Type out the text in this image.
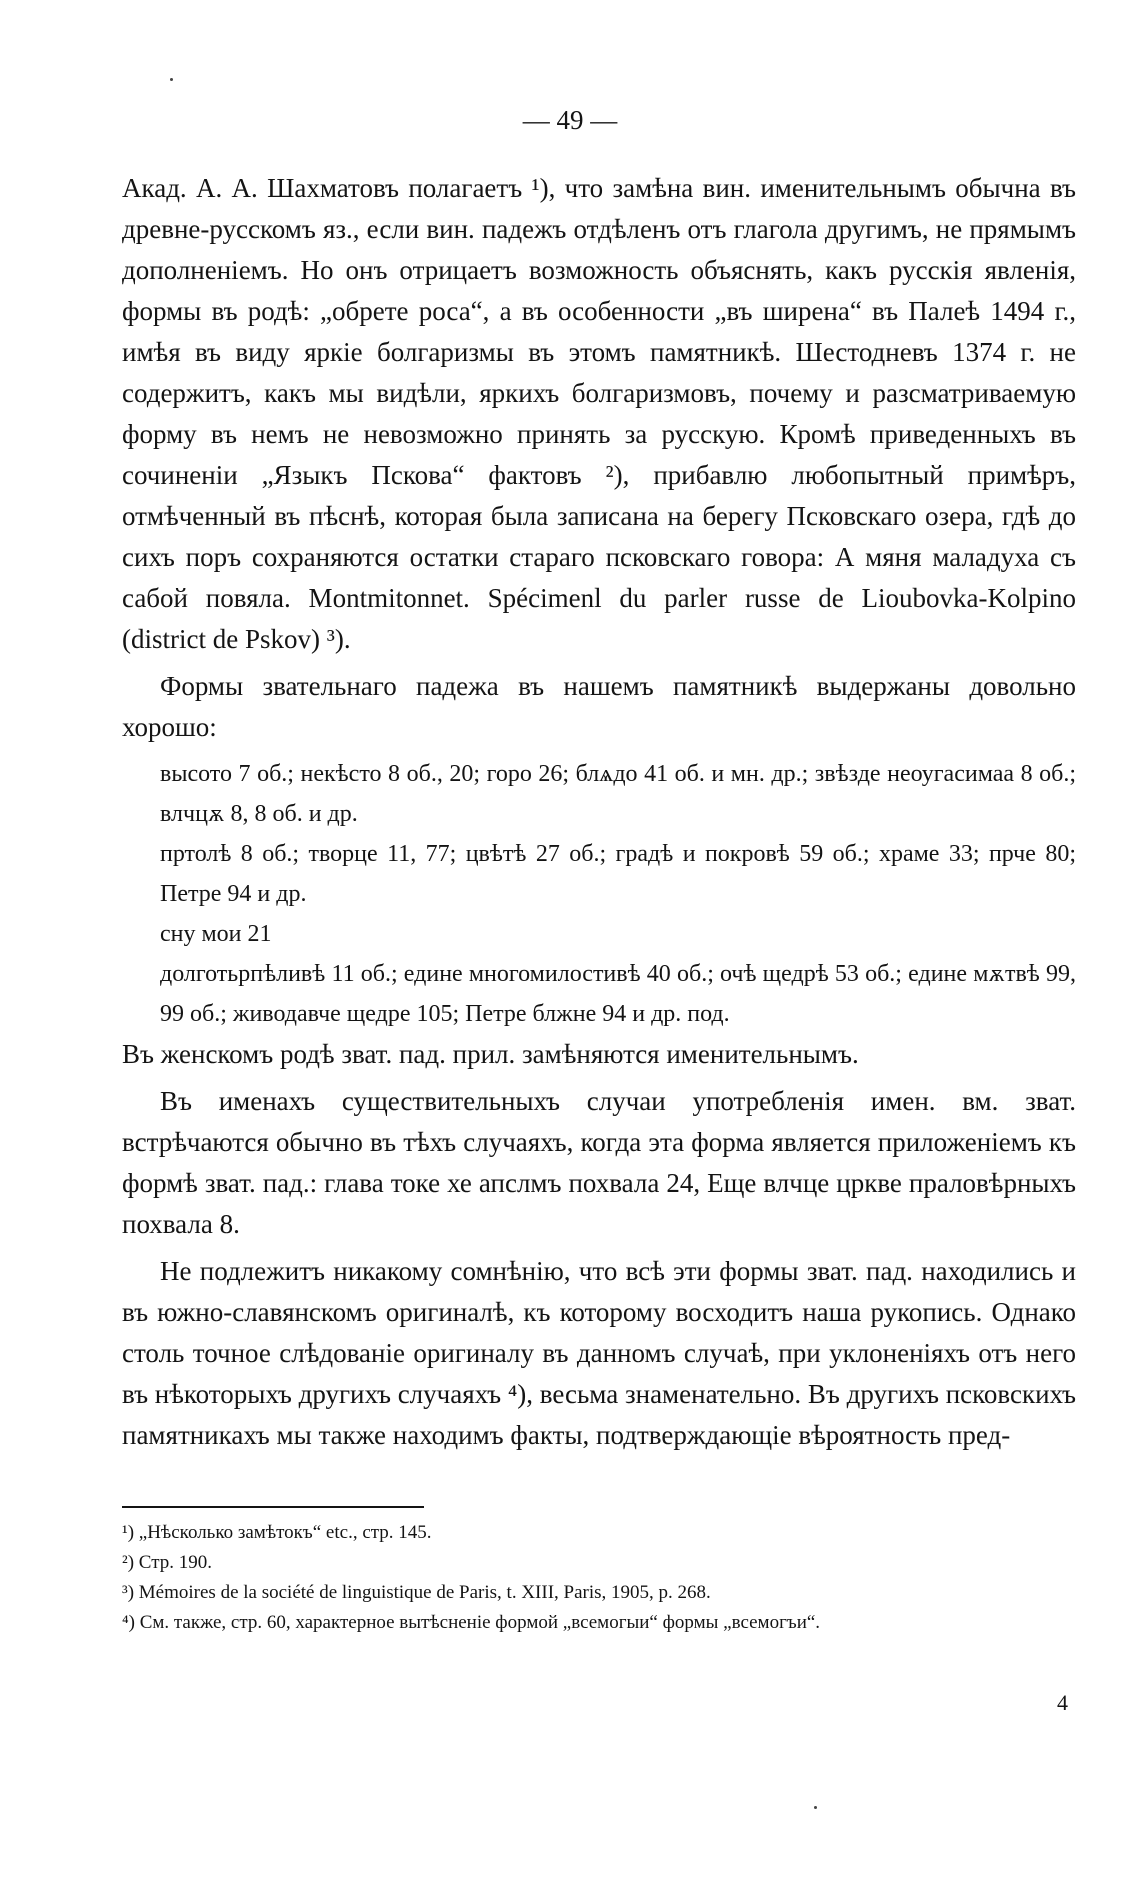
— 49 —

Акад. А. А. Шахматовъ полагаетъ ¹), что замѣна вин. именительнымъ обычна въ древне-русскомъ яз., если вин. падежъ отдѣленъ отъ глагола другимъ, не прямымъ дополненіемъ. Но онъ отрицаетъ возможность объяснять, какъ русскія явленія, формы въ родѣ: „обрете роса“, а въ особенности „въ ширена“ въ Палеѣ 1494 г., имѣя въ виду яркіе болгаризмы въ этомъ памятникѣ. Шестодневъ 1374 г. не содержитъ, какъ мы видѣли, яркихъ болгаризмовъ, почему и разсматриваемую форму въ немъ не невозможно принять за русскую. Кромѣ приведенныхъ въ сочиненіи „Языкъ Пскова“ фактовъ ²), прибавлю любопытный примѣръ, отмѣченный въ пѣснѣ, которая была записана на берегу Псковскаго озера, гдѣ до сихъ поръ сохраняются остатки стараго псковскаго говора: А мяня маладуха съ сабой повяла. Montmitonnet. Spécimenl du parler russe de Lioubovka-Kolpino (district de Pskov) ³).

Формы звательнаго падежа въ нашемъ памятникѣ выдержаны довольно хорошо:

высото 7 об.; некѣсто 8 об., 20; горо 26; блѧдо 41 об. и мн. др.; звѣзде неоугасимаа 8 об.; влчцѫ 8, 8 об. и др.

пртолѣ 8 об.; творце 11, 77; цвѣтѣ 27 об.; градѣ и покровѣ 59 об.; храме 33; прче 80; Петре 94 и др.

сну мои 21

долготьрпѣливѣ 11 об.; едине многомилостивѣ 40 об.; очѣ щедрѣ 53 об.; едине мѫтвѣ 99, 99 об.; живодавче щедре 105; Петре блжне 94 и др. под.

Въ женскомъ родѣ зват. пад. прил. замѣняются именительнымъ.

Въ именахъ существительныхъ случаи употребленія имен. вм. зват. встрѣчаются обычно въ тѣхъ случаяхъ, когда эта форма является приложеніемъ къ формѣ зват. пад.: глава токе хе апслмъ похвала 24, Еще влчце цркве праловѣрныхъ похвала 8.

Не подлежитъ никакому сомнѣнію, что всѣ эти формы зват. пад. находились и въ южно-славянскомъ оригиналѣ, къ которому восходитъ наша рукопись. Однако столь точное слѣдованіе оригиналу въ данномъ случаѣ, при уклоненіяхъ отъ него въ нѣкоторыхъ другихъ случаяхъ ⁴), весьма знаменательно. Въ другихъ псковскихъ памятникахъ мы также находимъ факты, подтверждающіе вѣроятность пред-

¹) „Нѣсколько замѣтокъ“ etc., стр. 145.

²) Стр. 190.

³) Mémoires de la société de linguistique de Paris, t. XIII, Paris, 1905, p. 268.

⁴) См. также, стр. 60, характерное вытѣсненіе формой „всемогыи“ формы „всемогъи“.

4
